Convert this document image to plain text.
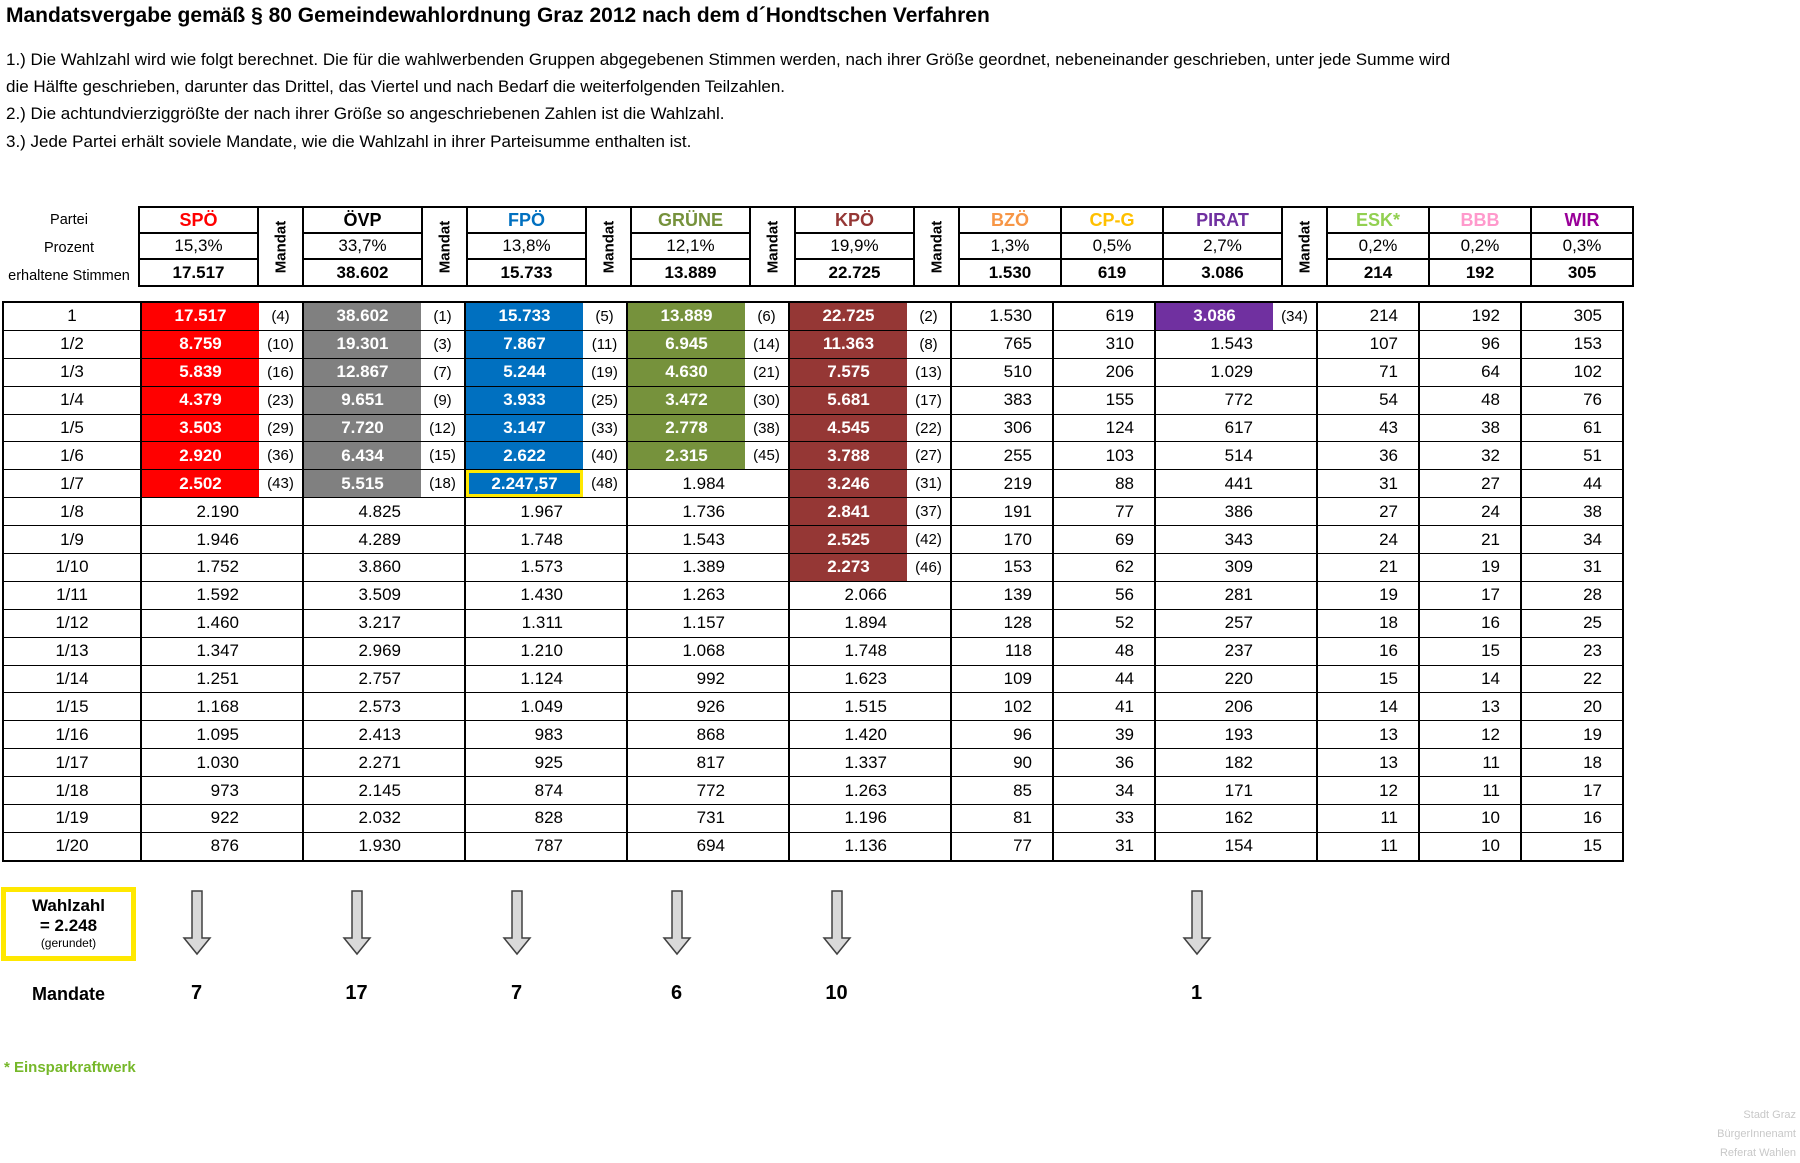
Mandatsvergabe gemäß § 80 Gemeindewahlordnung Graz 2012 nach dem d´Hondtschen Verfahren
1.) Die Wahlzahl wird wie folgt berechnet. Die für die wahlwerbenden Gruppen abgegebenen Stimmen werden, nach ihrer Größe geordnet, nebeneinander geschrieben, unter jede Summe wird
die Hälfte geschrieben, darunter das Drittel, das Viertel und nach Bedarf die weiterfolgenden Teilzahlen.
2.) Die achtundvierziggrößte der nach ihrer Größe so angeschriebenen Zahlen ist die Wahlzahl.
3.) Jede Partei erhält soviele Mandate, wie die Wahlzahl in ihrer Parteisumme enthalten ist.
Partei
Prozent
erhaltene Stimmen
SPÖ	Mandat	ÖVP	Mandat	FPÖ	Mandat	GRÜNE	Mandat	KPÖ	Mandat	BZÖ	CP-G	PIRAT	Mandat	ESK*	BBB	WIR
15,3%		33,7%		13,8%		12,1%		19,9%		1,3%	0,5%	2,7%		0,2%	0,2%	0,3%
17.517		38.602		15.733		13.889		22.725		1.530	619	3.086		214	192	305
1	17.517	(4)	38.602	(1)	15.733	(5)	13.889	(6)	22.725	(2)	1.530	619	3.086	(34)	214	192	305
1/2	8.759	(10)	19.301	(3)	7.867	(11)	6.945	(14)	11.363	(8)	765	310	1.543		107	96	153
1/3	5.839	(16)	12.867	(7)	5.244	(19)	4.630	(21)	7.575	(13)	510	206	1.029		71	64	102
1/4	4.379	(23)	9.651	(9)	3.933	(25)	3.472	(30)	5.681	(17)	383	155	772		54	48	76
1/5	3.503	(29)	7.720	(12)	3.147	(33)	2.778	(38)	4.545	(22)	306	124	617		43	38	61
1/6	2.920	(36)	6.434	(15)	2.622	(40)	2.315	(45)	3.788	(27)	255	103	514		36	32	51
1/7	2.502	(43)	5.515	(18)	2.247,57	(48)	1.984		3.246	(31)	219	88	441		31	27	44
1/8	2.190		4.825		1.967		1.736		2.841	(37)	191	77	386		27	24	38
1/9	1.946		4.289		1.748		1.543		2.525	(42)	170	69	343		24	21	34
1/10	1.752		3.860		1.573		1.389		2.273	(46)	153	62	309		21	19	31
1/11	1.592		3.509		1.430		1.263		2.066		139	56	281		19	17	28
1/12	1.460		3.217		1.311		1.157		1.894		128	52	257		18	16	25
1/13	1.347		2.969		1.210		1.068		1.748		118	48	237		16	15	23
1/14	1.251		2.757		1.124		992		1.623		109	44	220		15	14	22
1/15	1.168		2.573		1.049		926		1.515		102	41	206		14	13	20
1/16	1.095		2.413		983		868		1.420		96	39	193		13	12	19
1/17	1.030		2.271		925		817		1.337		90	36	182		13	11	18
1/18	973		2.145		874		772		1.263		85	34	171		12	11	17
1/19	922		2.032		828		731		1.196		81	33	162		11	10	16
1/20	876		1.930		787		694		1.136		77	31	154		11	10	15
Wahlzahl
= 2.248
(gerundet)
Mandate	7	17	7	6	10	1
* Einsparkraftwerk
Stadt Graz
BürgerInnenamt
Referat Wahlen
